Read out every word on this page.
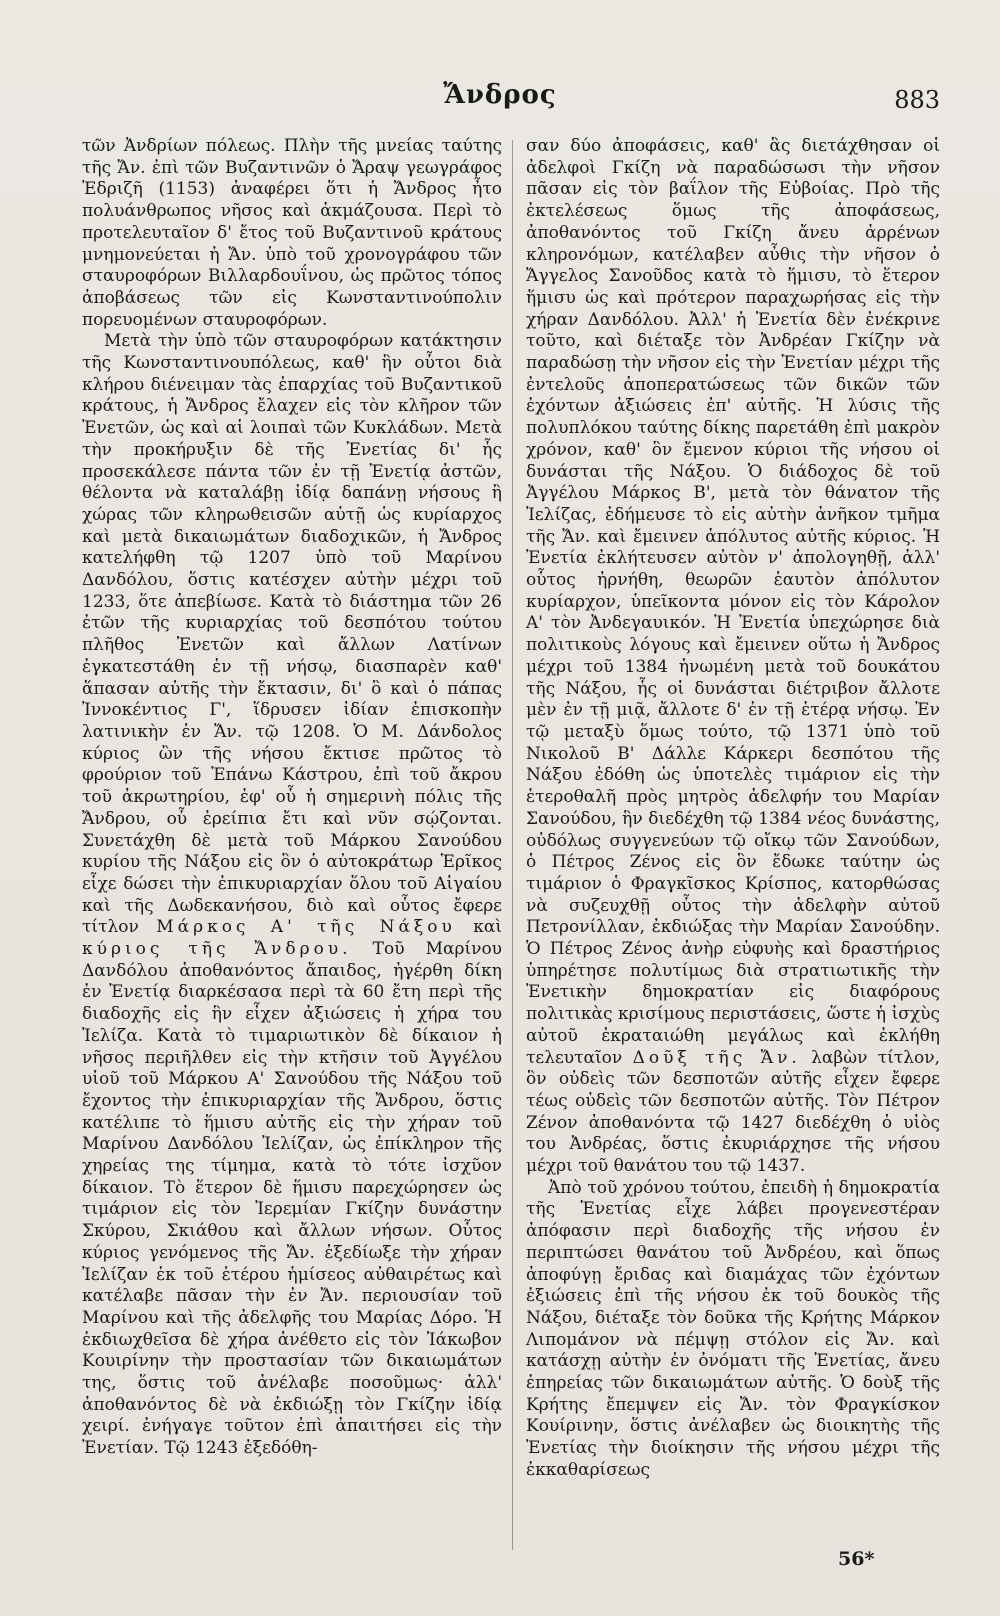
Ἄνδρος	883

τῶν Ἀνδρίων πόλεως. Πλὴν τῆς μνείας ταύτης τῆς Ἄν. ἐπὶ τῶν Βυζαντινῶν ὁ Ἄραψ γεωγράφος Ἐδριζῆ (1153) ἀναφέρει ὅτι ἡ Ἄνδρος ἦτο πολυάνθρωπος νῆσος καὶ ἀκμάζουσα. Περὶ τὸ προτελευταῖον δ' ἔτος τοῦ Βυζαντινοῦ κράτους μνημονεύεται ἡ Ἄν. ὑπὸ τοῦ χρονογράφου τῶν σταυροφόρων Βιλλαρδουΐνου, ὡς πρῶτος τόπος ἀποβάσεως τῶν εἰς Κωνσταντινούπολιν πορευομένων σταυροφόρων.

Μετὰ τὴν ὑπὸ τῶν σταυροφόρων κατάκτησιν τῆς Κωνσταντινουπόλεως, καθ' ἣν οὗτοι διὰ κλήρου διένειμαν τὰς ἐπαρχίας τοῦ Βυζαντικοῦ κράτους, ἡ Ἄνδρος ἔλαχεν εἰς τὸν κλῆρον τῶν Ἐνετῶν, ὡς καὶ αἱ λοιπαὶ τῶν Κυκλάδων. Μετὰ τὴν προκήρυξιν δὲ τῆς Ἐνετίας δι' ἧς προσεκάλεσε πάντα τῶν ἐν τῇ Ἐνετίᾳ ἀστῶν, θέλοντα νὰ καταλάβῃ ἰδίᾳ δαπάνῃ νήσους ἢ χώρας τῶν κληρωθεισῶν αὐτῇ ὡς κυρίαρχος καὶ μετὰ δικαιωμάτων διαδοχικῶν, ἡ Ἄνδρος κατελήφθη τῷ 1207 ὑπὸ τοῦ Μαρίνου Δανδόλου, ὅστις κατέσχεν αὐτὴν μέχρι τοῦ 1233, ὅτε ἀπεβίωσε. Κατὰ τὸ διάστημα τῶν 26 ἐτῶν τῆς κυριαρχίας τοῦ δεσπότου τούτου πλῆθος Ἐνετῶν καὶ ἄλλων Λατίνων ἐγκατεστάθη ἐν τῇ νήσῳ, διασπαρὲν καθ' ἅπασαν αὐτῆς τὴν ἔκτασιν, δι' ὃ καὶ ὁ πάπας Ἰννοκέντιος Γ', ἵδρυσεν ἰδίαν ἐπισκοπὴν λατινικὴν ἐν Ἄν. τῷ 1208. Ὁ Μ. Δάνδολος κύριος ὢν τῆς νήσου ἔκτισε πρῶτος τὸ φρούριον τοῦ Ἐπάνω Κάστρου, ἐπὶ τοῦ ἄκρου τοῦ ἀκρωτηρίου, ἐφ' οὗ ἡ σημερινὴ πόλις τῆς Ἄνδρου, οὗ ἐρείπια ἔτι καὶ νῦν σῴζονται. Συνετάχθη δὲ μετὰ τοῦ Μάρκου Σανούδου κυρίου τῆς Νάξου εἰς ὃν ὁ αὐτοκράτωρ Ἑρῖκος εἶχε δώσει τὴν ἐπικυριαρχίαν ὅλου τοῦ Αἰγαίου καὶ τῆς Δωδεκανήσου, διὸ καὶ οὗτος ἔφερε τίτλον Μάρκος Α' τῆς Νάξου καὶ κύριος τῆς Ἄνδρου. Τοῦ Μαρίνου Δανδόλου ἀποθανόντος ἄπαιδος, ἠγέρθη δίκη ἐν Ἐνετίᾳ διαρκέσασα περὶ τὰ 60 ἔτη περὶ τῆς διαδοχῆς εἰς ἣν εἶχεν ἀξιώσεις ἡ χήρα του Ἰελίζα. Κατὰ τὸ τιμαριωτικὸν δὲ δίκαιον ἡ νῆσος περιῆλθεν εἰς τὴν κτῆσιν τοῦ Ἀγγέλου υἱοῦ τοῦ Μάρκου Α' Σανούδου τῆς Νάξου τοῦ ἔχοντος τὴν ἐπικυριαρχίαν τῆς Ἄνδρου, ὅστις κατέλιπε τὸ ἥμισυ αὐτῆς εἰς τὴν χήραν τοῦ Μαρίνου Δανδόλου Ἰελίζαν, ὡς ἐπίκληρον τῆς χηρείας της τίμημα, κατὰ τὸ τότε ἰσχῦον δίκαιον. Τὸ ἕτερον δὲ ἥμισυ παρεχώρησεν ὡς τιμάριον εἰς τὸν Ἰερεμίαν Γκίζην δυνάστην Σκύρου, Σκιάθου καὶ ἄλλων νήσων. Οὗτος κύριος γενόμενος τῆς Ἄν. ἐξεδίωξε τὴν χήραν Ἰελίζαν ἐκ τοῦ ἑτέρου ἡμίσεος αὐθαιρέτως καὶ κατέλαβε πᾶσαν τὴν ἐν Ἄν. περιουσίαν τοῦ Μαρίνου καὶ τῆς ἀδελφῆς του Μαρίας Δόρο. Ἡ ἐκδιωχθεῖσα δὲ χήρα ἀνέθετο εἰς τὸν Ἰάκωβον Κουιρίνην τὴν προστασίαν τῶν δικαιωμάτων της, ὅστις τοῦ ἀνέλαβε ποσοῦμως· ἀλλ' ἀποθανόντος δὲ νὰ ἐκδιώξῃ τὸν Γκίζην ἰδίᾳ χειρί. ἐνήγαγε τοῦτον ἐπὶ ἀπαιτήσει εἰς τὴν Ἐνετίαν. Τῷ 1243 ἐξεδόθη-

σαν δύο ἀποφάσεις, καθ' ἃς διετάχθησαν οἱ ἀδελφοὶ Γκίζη νὰ παραδώσωσι τὴν νῆσον πᾶσαν εἰς τὸν βαΐλον τῆς Εὐβοίας. Πρὸ τῆς ἐκτελέσεως ὅμως τῆς ἀποφάσεως, ἀποθανόντος τοῦ Γκίζη ἄνευ ἀρρένων κληρονόμων, κατέλαβεν αὖθις τὴν νῆσον ὁ Ἄγγελος Σανοῦδος κατὰ τὸ ἥμισυ, τὸ ἕτερον ἥμισυ ὡς καὶ πρότερον παραχωρήσας εἰς τὴν χήραν Δανδόλου. Ἀλλ' ἡ Ἐνετία δὲν ἐνέκρινε τοῦτο, καὶ διέταξε τὸν Ἀνδρέαν Γκίζην νὰ παραδώσῃ τὴν νῆσον εἰς τὴν Ἐνετίαν μέχρι τῆς ἐντελοῦς ἀποπερατώσεως τῶν δικῶν τῶν ἐχόντων ἀξιώσεις ἐπ' αὐτῆς. Ἡ λύσις τῆς πολυπλόκου ταύτης δίκης παρετάθη ἐπὶ μακρὸν χρόνον, καθ' ὃν ἔμενον κύριοι τῆς νήσου οἱ δυνάσται τῆς Νάξου. Ὁ διάδοχος δὲ τοῦ Ἀγγέλου Μάρκος Β', μετὰ τὸν θάνατον τῆς Ἰελίζας, ἐδήμευσε τὸ εἰς αὐτὴν ἀνῆκον τμῆμα τῆς Ἄν. καὶ ἔμεινεν ἀπόλυτος αὐτῆς κύριος. Ἡ Ἐνετία ἐκλήτευσεν αὐτὸν ν' ἀπολογηθῇ, ἀλλ' οὗτος ἠρνήθη, θεωρῶν ἑαυτὸν ἀπόλυτον κυρίαρχον, ὑπεῖκοντα μόνον εἰς τὸν Κάρολον Α' τὸν Ἀνδεγαυικόν. Ἡ Ἐνετία ὑπεχώρησε διὰ πολιτικοὺς λόγους καὶ ἔμεινεν οὕτω ἡ Ἄνδρος μέχρι τοῦ 1384 ἡνωμένη μετὰ τοῦ δουκάτου τῆς Νάξου, ἧς οἱ δυνάσται διέτριβον ἄλλοτε μὲν ἐν τῇ μιᾷ, ἄλλοτε δ' ἐν τῇ ἑτέρᾳ νήσῳ. Ἐν τῷ μεταξὺ ὅμως τούτο, τῷ 1371 ὑπὸ τοῦ Νικολοῦ Β' Δάλλε Κάρκερι δεσπότου τῆς Νάξου ἐδόθη ὡς ὑποτελὲς τιμάριον εἰς τὴν ἑτεροθαλῆ πρὸς μητρὸς ἀδελφήν του Μαρίαν Σανούδου, ἣν διεδέχθη τῷ 1384 νέος δυνάστης, οὐδόλως συγγενεύων τῷ οἴκῳ τῶν Σανούδων, ὁ Πέτρος Ζένος εἰς ὃν ἔδωκε ταύτην ὡς τιμάριον ὁ Φραγκῖσκος Κρίσπος, κατορθώσας νὰ συζευχθῇ οὗτος τὴν ἀδελφὴν αὐτοῦ Πετρονίλλαν, ἐκδιώξας τὴν Μαρίαν Σανούδην. Ὁ Πέτρος Ζένος ἀνὴρ εὐφυὴς καὶ δραστήριος ὑπηρέτησε πολυτίμως διὰ στρατιωτικῆς τὴν Ἐνετικὴν δημοκρατίαν εἰς διαφόρους πολιτικὰς κρισίμους περιστάσεις, ὥστε ἡ ἰσχὺς αὐτοῦ ἐκραταιώθη μεγάλως καὶ ἐκλήθη τελευταῖον Δοῦξ τῆς Ἄν. λαβὼν τίτλον, ὃν οὐδεὶς τῶν δεσποτῶν αὐτῆς εἶχεν ἔφερε τέως οὐδεὶς τῶν δεσποτῶν αὐτῆς. Τὸν Πέτρον Ζένον ἀποθανόντα τῷ 1427 διεδέχθη ὁ υἱὸς του Ἀνδρέας, ὅστις ἐκυριάρχησε τῆς νήσου μέχρι τοῦ θανάτου του τῷ 1437.

Ἀπὸ τοῦ χρόνου τούτου, ἐπειδὴ ἡ δημοκρατία τῆς Ἐνετίας εἶχε λάβει προγενεστέραν ἀπόφασιν περὶ διαδοχῆς τῆς νήσου ἐν περιπτώσει θανάτου τοῦ Ἀνδρέου, καὶ ὅπως ἀποφύγῃ ἔριδας καὶ διαμάχας τῶν ἐχόντων ἐξιώσεις ἐπὶ τῆς νήσου ἐκ τοῦ δουκὸς τῆς Νάξου, διέταξε τὸν δοῦκα τῆς Κρήτης Μάρκον Λιπομάνον νὰ πέμψῃ στόλον εἰς Ἄν. καὶ κατάσχῃ αὐτὴν ἐν ὀνόματι τῆς Ἐνετίας, ἄνευ ἐπηρείας τῶν δικαιωμάτων αὐτῆς. Ὁ δοὺξ τῆς Κρήτης ἔπεμψεν εἰς Ἄν. τὸν Φραγκίσκον Κουίρινην, ὅστις ἀνέλαβεν ὡς διοικητὴς τῆς Ἐνετίας τὴν διοίκησιν τῆς νήσου μέχρι τῆς ἐκκαθαρίσεως

56*
